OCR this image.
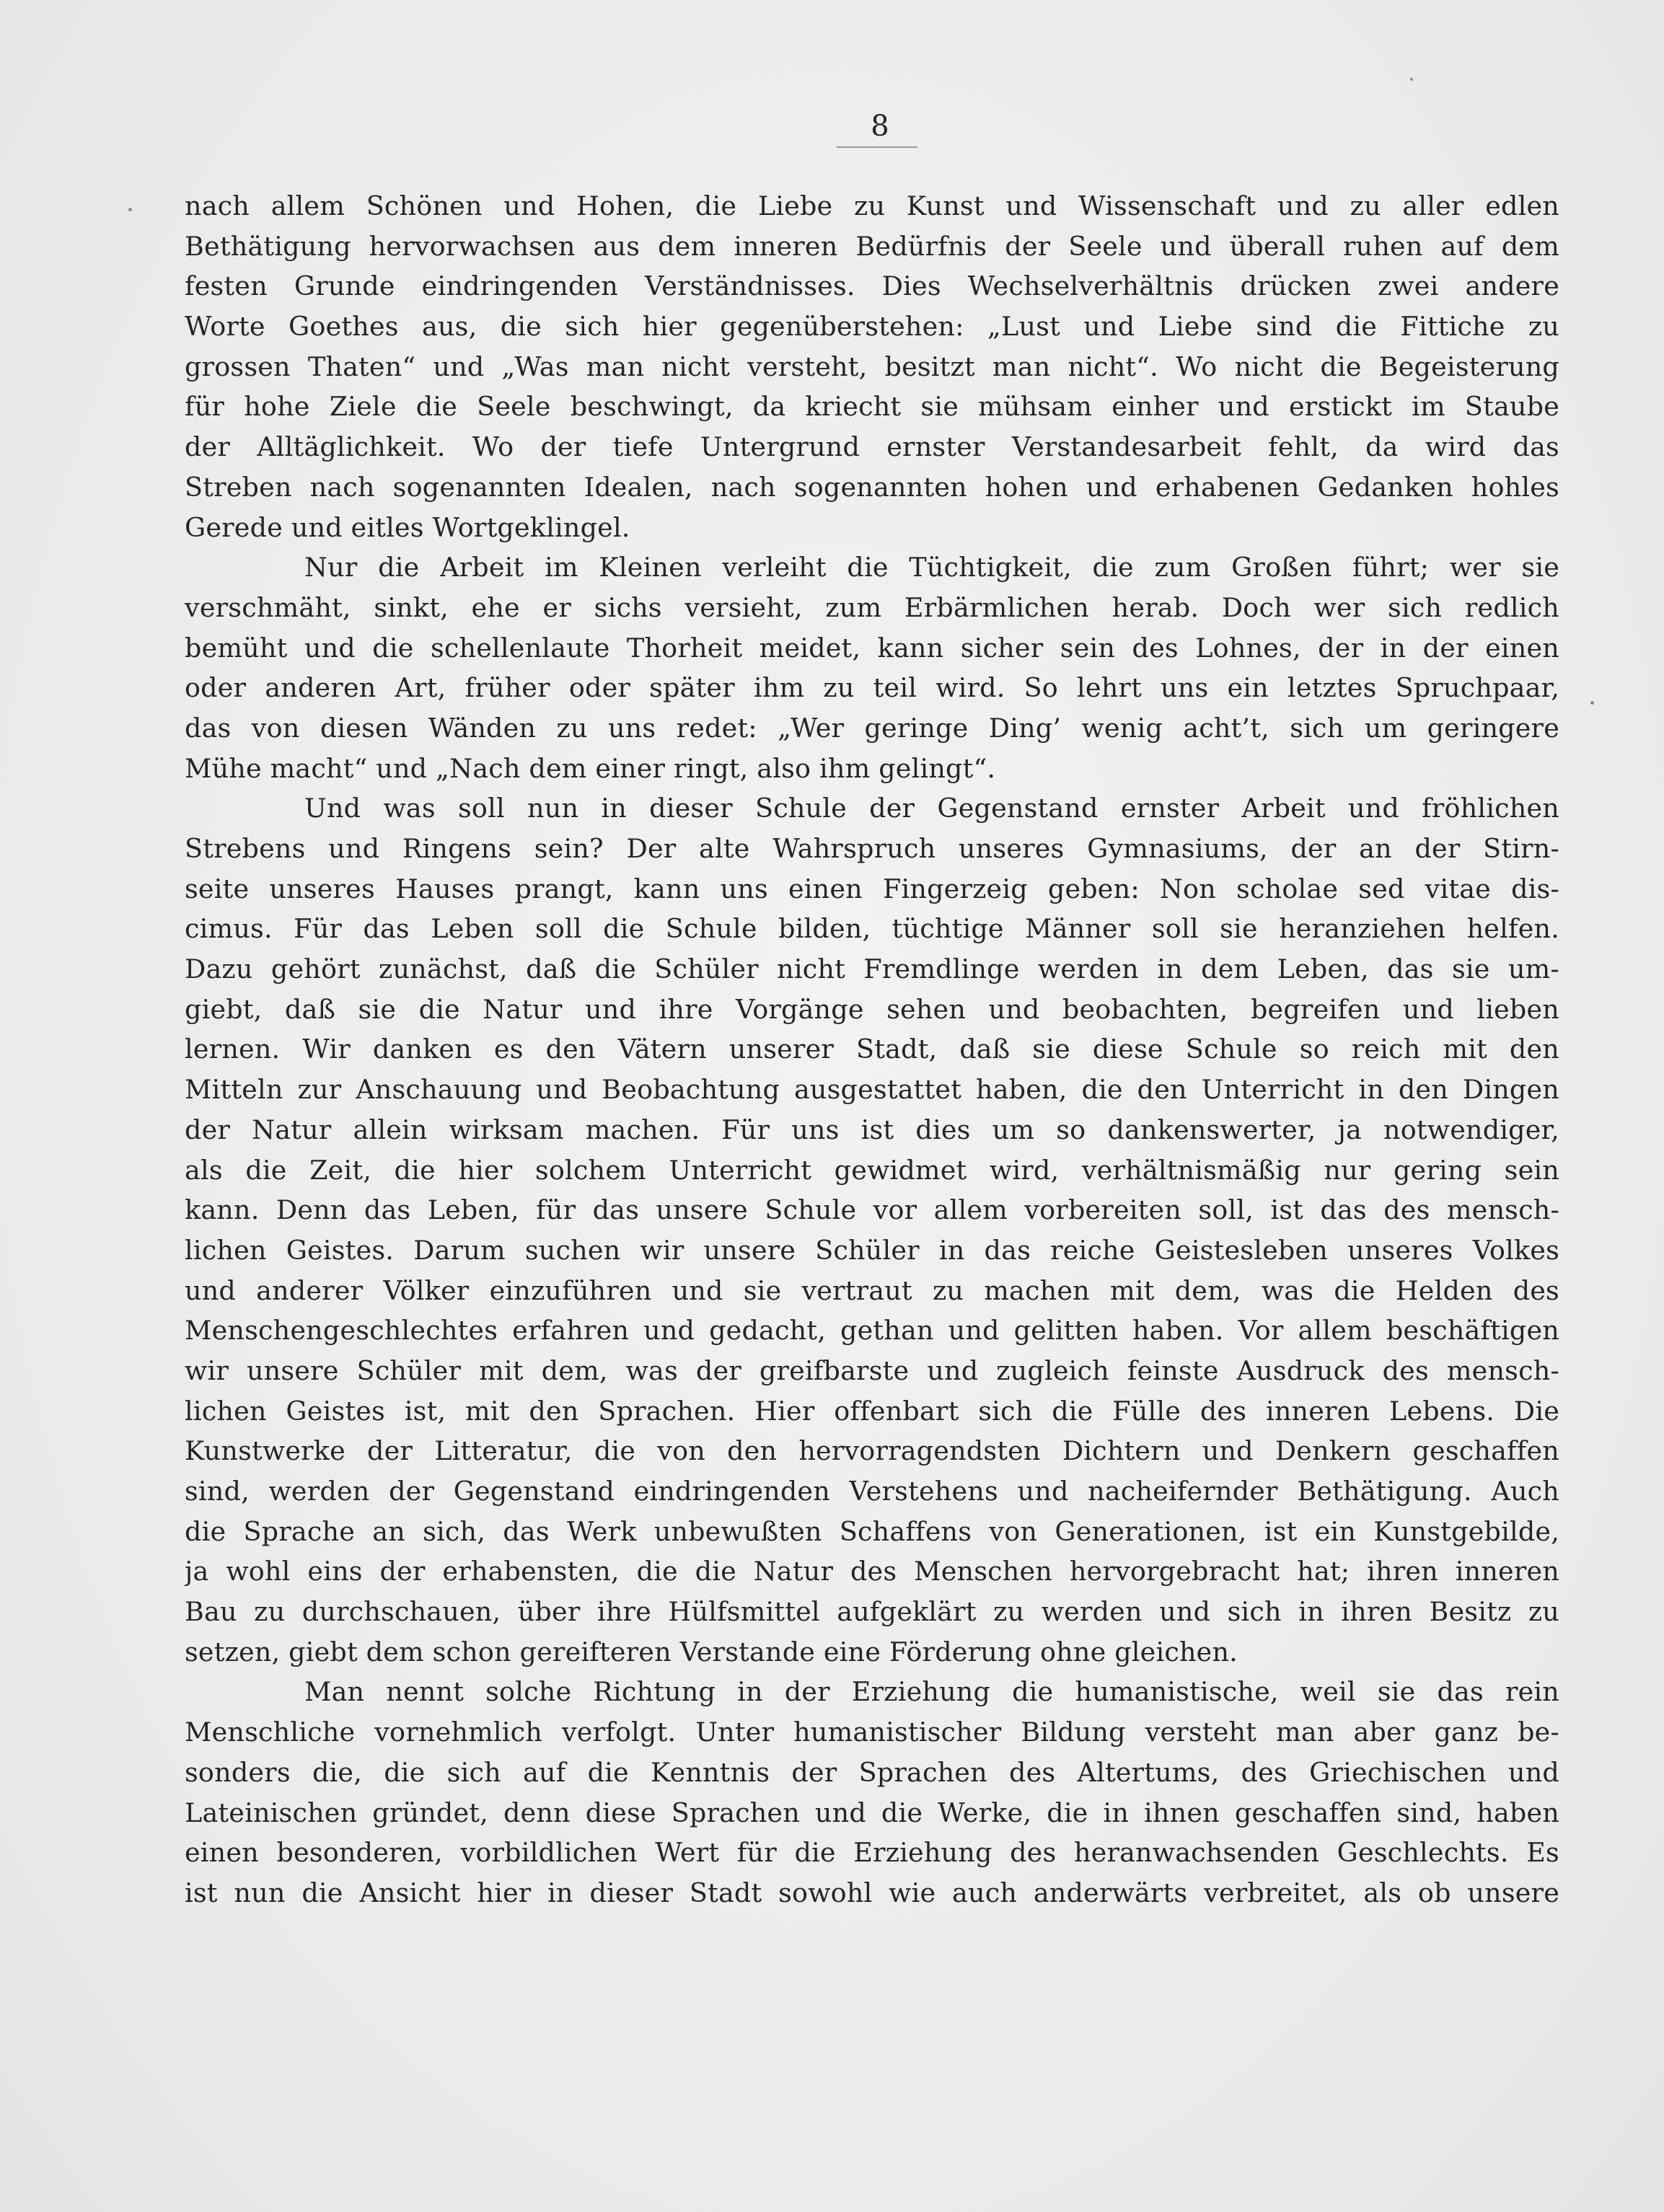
8
nach allem Schönen und Hohen, die Liebe zu Kunst und Wissenschaft und zu aller edlen
Bethätigung hervorwachsen aus dem inneren Bedürfnis der Seele und überall ruhen auf dem
festen Grunde eindringenden Verständnisses. Dies Wechselverhältnis drücken zwei andere
Worte Goethes aus, die sich hier gegenüberstehen: „Lust und Liebe sind die Fittiche zu
grossen Thaten“ und „Was man nicht versteht, besitzt man nicht“. Wo nicht die Begeisterung
für hohe Ziele die Seele beschwingt, da kriecht sie mühsam einher und erstickt im Staube
der Alltäglichkeit. Wo der tiefe Untergrund ernster Verstandesarbeit fehlt, da wird das
Streben nach sogenannten Idealen, nach sogenannten hohen und erhabenen Gedanken hohles
Gerede und eitles Wortgeklingel.
Nur die Arbeit im Kleinen verleiht die Tüchtigkeit, die zum Großen führt; wer sie
verschmäht, sinkt, ehe er sichs versieht, zum Erbärmlichen herab. Doch wer sich redlich
bemüht und die schellenlaute Thorheit meidet, kann sicher sein des Lohnes, der in der einen
oder anderen Art, früher oder später ihm zu teil wird. So lehrt uns ein letztes Spruchpaar,
das von diesen Wänden zu uns redet: „Wer geringe Ding’ wenig acht’t, sich um geringere
Mühe macht“ und „Nach dem einer ringt, also ihm gelingt“.
Und was soll nun in dieser Schule der Gegenstand ernster Arbeit und fröhlichen
Strebens und Ringens sein? Der alte Wahrspruch unseres Gymnasiums, der an der Stirn-
seite unseres Hauses prangt, kann uns einen Fingerzeig geben: Non scholae sed vitae dis-
cimus. Für das Leben soll die Schule bilden, tüchtige Männer soll sie heranziehen helfen.
Dazu gehört zunächst, daß die Schüler nicht Fremdlinge werden in dem Leben, das sie um-
giebt, daß sie die Natur und ihre Vorgänge sehen und beobachten, begreifen und lieben
lernen. Wir danken es den Vätern unserer Stadt, daß sie diese Schule so reich mit den
Mitteln zur Anschauung und Beobachtung ausgestattet haben, die den Unterricht in den Dingen
der Natur allein wirksam machen. Für uns ist dies um so dankenswerter, ja notwendiger,
als die Zeit, die hier solchem Unterricht gewidmet wird, verhältnismäßig nur gering sein
kann. Denn das Leben, für das unsere Schule vor allem vorbereiten soll, ist das des mensch-
lichen Geistes. Darum suchen wir unsere Schüler in das reiche Geistesleben unseres Volkes
und anderer Völker einzuführen und sie vertraut zu machen mit dem, was die Helden des
Menschengeschlechtes erfahren und gedacht, gethan und gelitten haben. Vor allem beschäftigen
wir unsere Schüler mit dem, was der greifbarste und zugleich feinste Ausdruck des mensch-
lichen Geistes ist, mit den Sprachen. Hier offenbart sich die Fülle des inneren Lebens. Die
Kunstwerke der Litteratur, die von den hervorragendsten Dichtern und Denkern geschaffen
sind, werden der Gegenstand eindringenden Verstehens und nacheifernder Bethätigung. Auch
die Sprache an sich, das Werk unbewußten Schaffens von Generationen, ist ein Kunstgebilde,
ja wohl eins der erhabensten, die die Natur des Menschen hervorgebracht hat; ihren inneren
Bau zu durchschauen, über ihre Hülfsmittel aufgeklärt zu werden und sich in ihren Besitz zu
setzen, giebt dem schon gereifteren Verstande eine Förderung ohne gleichen.
Man nennt solche Richtung in der Erziehung die humanistische, weil sie das rein
Menschliche vornehmlich verfolgt. Unter humanistischer Bildung versteht man aber ganz be-
sonders die, die sich auf die Kenntnis der Sprachen des Altertums, des Griechischen und
Lateinischen gründet, denn diese Sprachen und die Werke, die in ihnen geschaffen sind, haben
einen besonderen, vorbildlichen Wert für die Erziehung des heranwachsenden Geschlechts. Es
ist nun die Ansicht hier in dieser Stadt sowohl wie auch anderwärts verbreitet, als ob unsere
